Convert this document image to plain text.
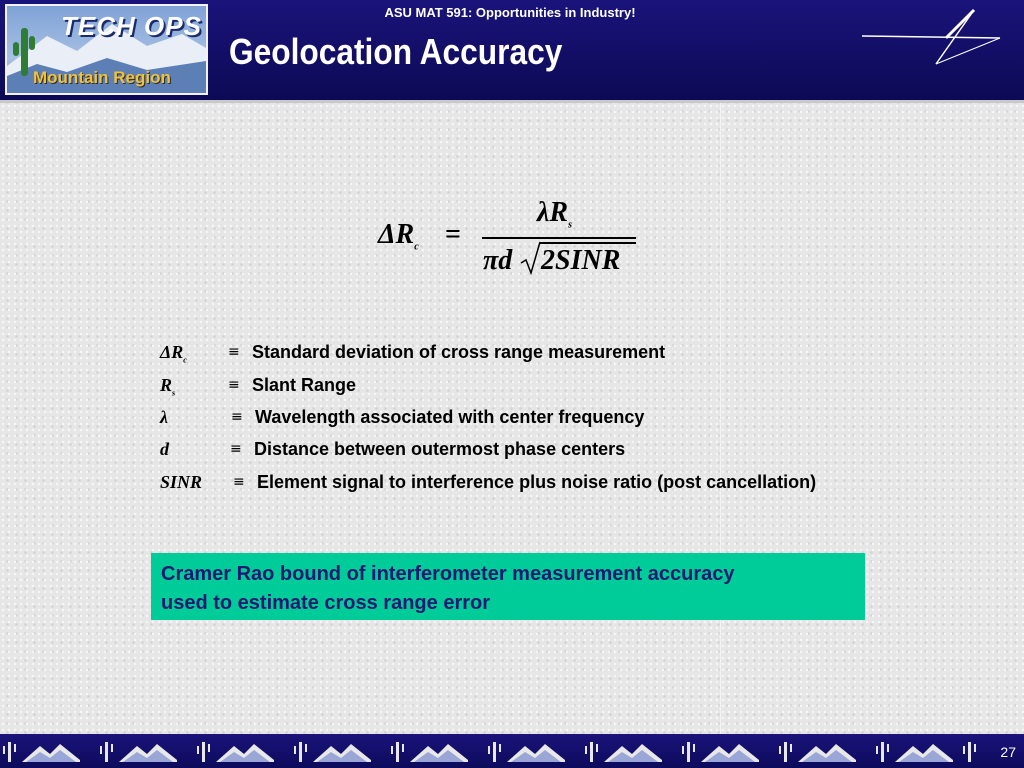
TECH OPS
Mountain Region
ASU MAT 591: Opportunities in Industry!
Geolocation Accuracy
$\Delta R_c$ =
$\lambda R_s$
πd 2SINR
$\Delta R_c$
≡ Standard deviation of cross range measurement
$R_s$
≡ Slant Range
λ	≡ Wavelength associated with center frequency
d	≡ Distance between outermost phase centers
SINR ≡ Element signal to interference plus noise ratio (post cancellation)
Cramer Rao bound of interferometer measurement accuracy
used to estimate cross range error
27
